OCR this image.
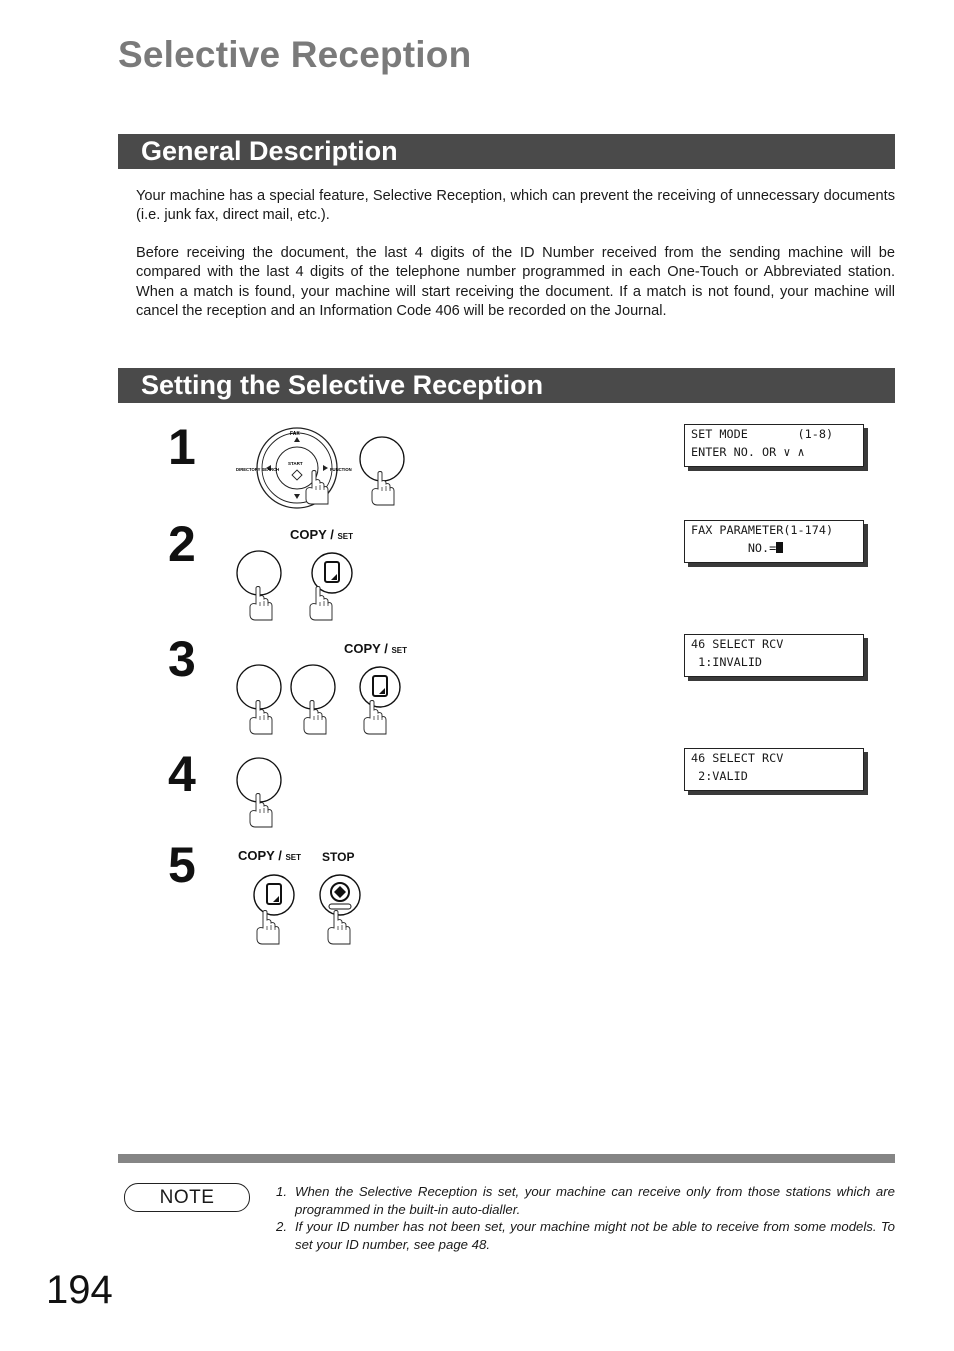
Selective Reception
General Description

Your machine has a special feature, Selective Reception, which can prevent the receiving of unnecessary documents (i.e. junk fax, direct mail, etc.).

Before receiving the document, the last 4 digits of the ID Number received from the sending machine will be compared with the last 4 digits of the telephone number programmed in each One-Touch or Abbreviated station. When a match is found, your machine will start receiving the document. If a match is not found, your machine will cancel the reception and an Information Code 406 will be recorded on the Journal.

Setting the Selective Reception
1	FAX
START
DIRECTORY SEARCH	FUNCTION
SET MODE       (1-8)
ENTER NO. OR ∨ ∧
2	COPY / SET	FAX PARAMETER(1-174)
NO.=
3	COPY / SET	46 SELECT RCV
1:INVALID
4	46 SELECT RCV
2:VALID
5	COPY / SET STOP
NOTE	1. When the Selective Reception is set, your machine can receive only from those stations which are programmed in the built-in auto-dialler.
2. If your ID number has not been set, your machine might not be able to receive from some models. To set your ID number, see page 48.
194
